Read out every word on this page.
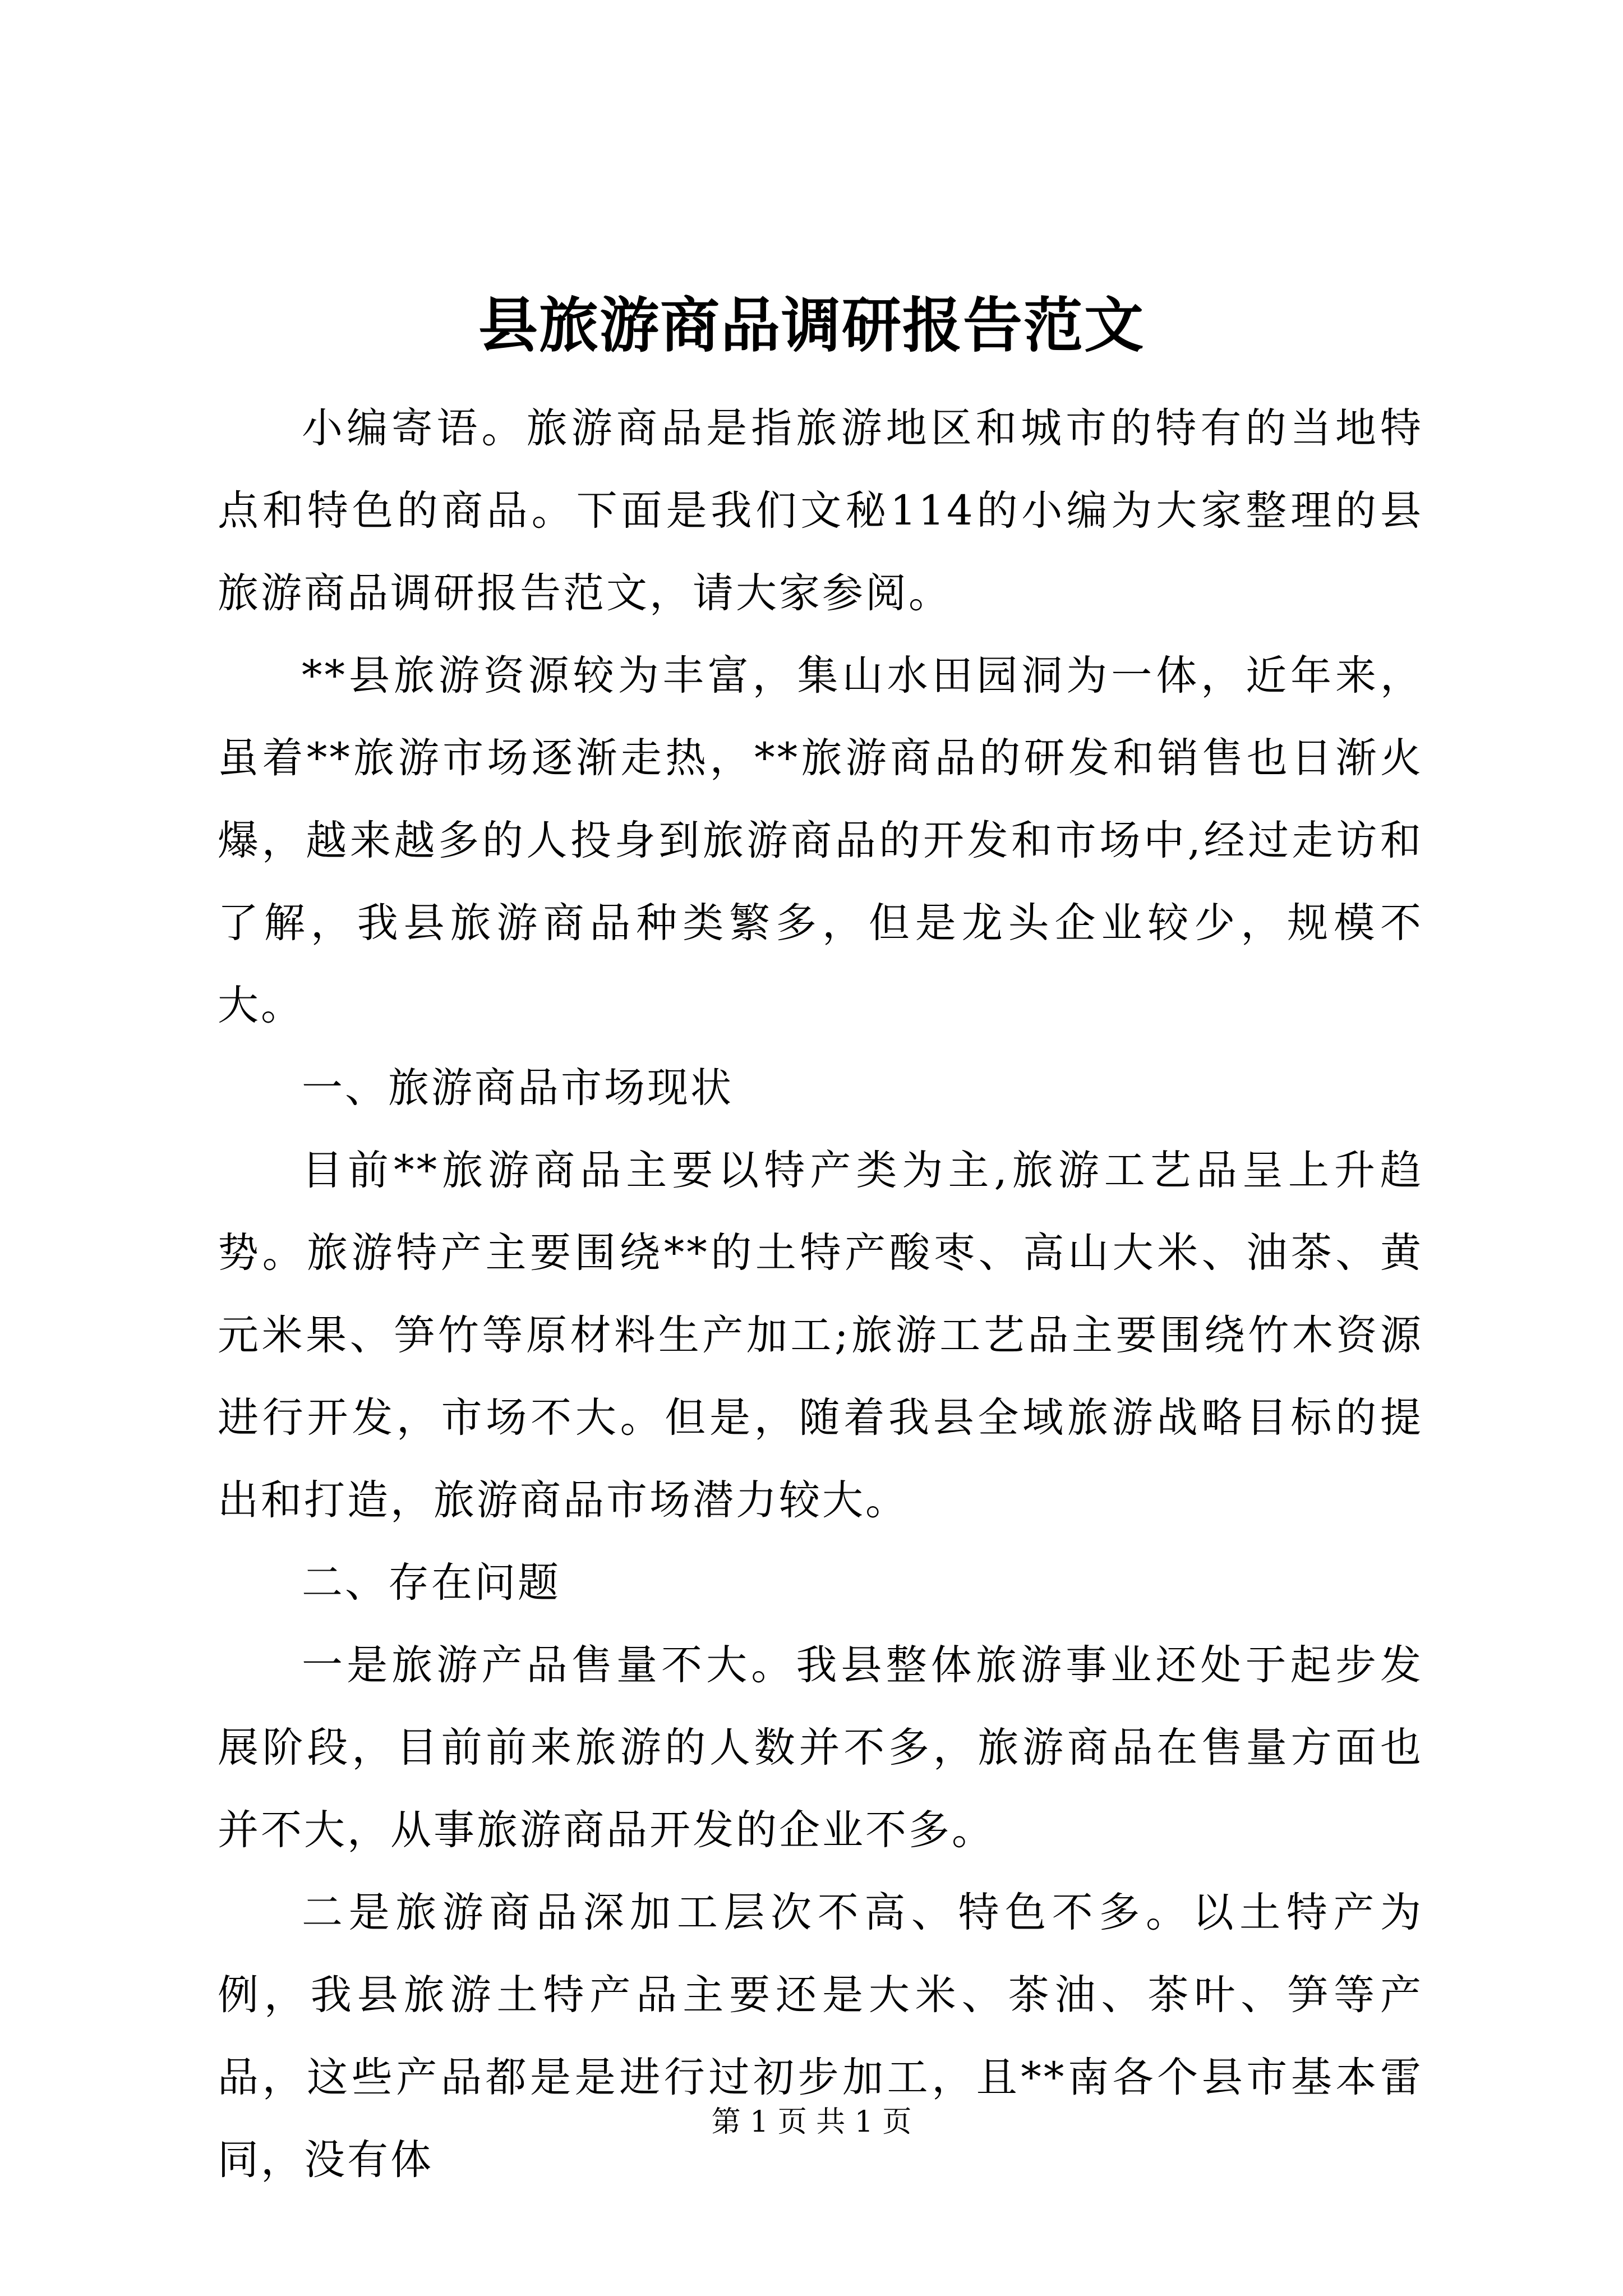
县旅游商品调研报告范文

小编寄语。旅游商品是指旅游地区和城市的特有的当地特点和特色的商品。下面是我们文秘114的小编为大家整理的县旅游商品调研报告范文，请大家参阅。

**县旅游资源较为丰富，集山水田园洞为一体，近年来，虽着**旅游市场逐渐走热，**旅游商品的研发和销售也日渐火爆，越来越多的人投身到旅游商品的开发和市场中,经过走访和了解，我县旅游商品种类繁多，但是龙头企业较少，规模不大。

一、旅游商品市场现状

目前**旅游商品主要以特产类为主,旅游工艺品呈上升趋势。旅游特产主要围绕**的土特产酸枣、高山大米、油茶、黄元米果、笋竹等原材料生产加工;旅游工艺品主要围绕竹木资源进行开发，市场不大。但是，随着我县全域旅游战略目标的提出和打造，旅游商品市场潜力较大。

二、存在问题

一是旅游产品售量不大。我县整体旅游事业还处于起步发展阶段，目前前来旅游的人数并不多，旅游商品在售量方面也并不大，从事旅游商品开发的企业不多。

二是旅游商品深加工层次不高、特色不多。以土特产为例，我县旅游土特产品主要还是大米、茶油、茶叶、笋等产品，这些产品都是是进行过初步加工，且**南各个县市基本雷同，没有体

第 1 页 共 1 页
